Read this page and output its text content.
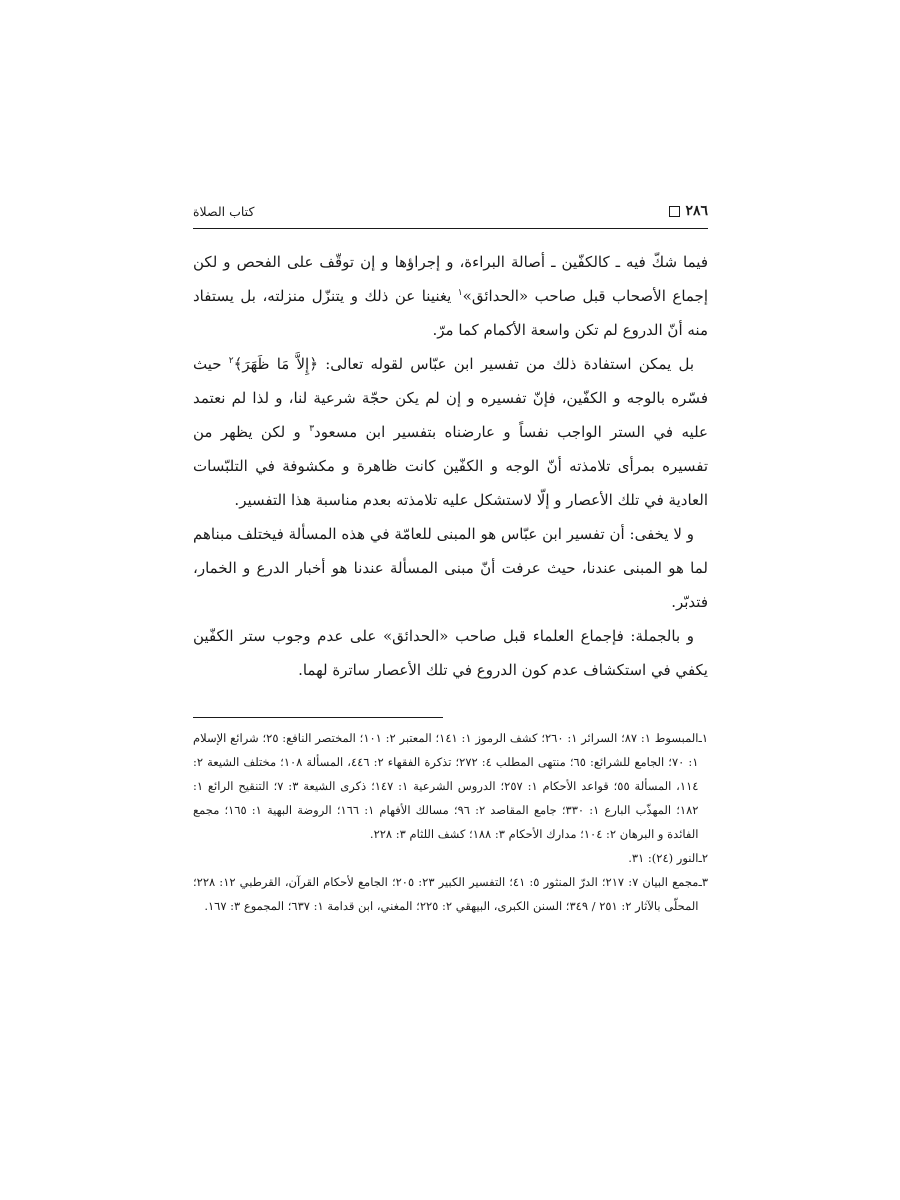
٢٨٦
كتاب الصلاة

فيما شكّ فيه ـ كالكفّين ـ أصالة البراءة، و إجراؤها و إن توقّف على الفحص و لكن إجماع الأصحاب قبل صاحب «الحدائق»$^١$ يغنينا عن ذلك و يتنزّل منزلته، بل يستفاد منه أنّ الدروع لم تكن واسعة الأكمام كما مرّ.

بل يمكن استفادة ذلك من تفسير ابن عبّاس لقوله تعالى: ﴿إِلاَّ مَا ظَهَرَ﴾$^٢$ حيث فسّره بالوجه و الكفّين، فإنّ تفسيره و إن لم يكن حجّة شرعية لنا، و لذا لم نعتمد عليه في الستر الواجب نفساً و عارضناه بتفسير ابن مسعود$^٣$ و لكن يظهر من تفسيره بمرأى تلامذته أنّ الوجه و الكفّين كانت ظاهرة و مكشوفة في التلبّسات العادية في تلك الأعصار و إلّا لاستشكل عليه تلامذته بعدم مناسبة هذا التفسير.

و لا يخفى: أن تفسير ابن عبّاس هو المبنى للعامّة في هذه المسألة فيختلف مبناهم لما هو المبنى عندنا، حيث عرفت أنّ مبنى المسألة عندنا هو أخبار الدرع و الخمار، فتدبّر.

و بالجملة: فإجماع العلماء قبل صاحب «الحدائق» على عدم وجوب ستر الكفّين يكفي في استكشاف عدم كون الدروع في تلك الأعصار ساترة لهما.

١ـ
المبسوط ١: ٨٧؛ السرائر ١: ٢٦٠؛ كشف الرموز ١: ١٤١؛ المعتبر ٢: ١٠١؛ المختصر النافع: ٢٥؛ شرائع الإسلام ١: ٧٠؛ الجامع للشرائع: ٦٥؛ منتهى المطلب ٤: ٢٧٢؛ تذكرة الفقهاء ٢: ٤٤٦، المسألة ١٠٨؛ مختلف الشيعة ٢: ١١٤، المسألة ٥٥؛ قواعد الأحكام ١: ٢٥٧؛ الدروس الشرعية ١: ١٤٧؛ ذكرى الشيعة ٣: ٧؛ التنقيح الرائع ١: ١٨٢؛ المهذّب البارع ١: ٣٣٠؛ جامع المقاصد ٢: ٩٦؛ مسالك الأفهام ١: ١٦٦؛ الروضة البهية ١: ١٦٥؛ مجمع الفائدة و البرهان ٢: ١٠٤؛ مدارك الأحكام ٣: ١٨٨؛ كشف اللثام ٣: ٢٢٨.
٢ـ
النور (٢٤): ٣١.
٣ـ
مجمع البيان ٧: ٢١٧؛ الدرّ المنثور ٥: ٤١؛ التفسير الكبير ٢٣: ٢٠٥؛ الجامع لأحكام القرآن، القرطبي ١٢: ٢٢٨؛ المحلّى بالآثار ٢: ٢٥١ / ٣٤٩؛ السنن الكبرى، البيهقي ٢: ٢٢٥؛ المغني، ابن قدامة ١: ٦٣٧؛ المجموع ٣: ١٦٧.
